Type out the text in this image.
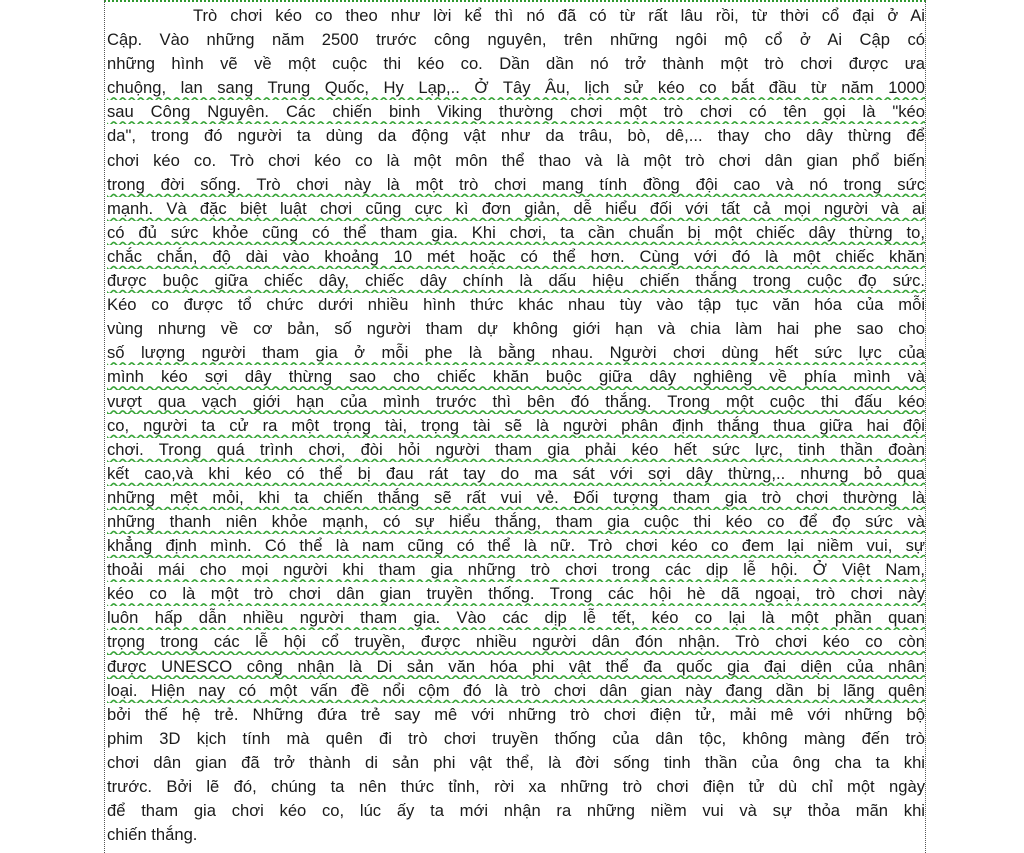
Trò chơi kéo co theo như lời kể thì nó đã có từ rất lâu rồi, từ thời cổ đại ở Ai
Cập. Vào những năm 2500 trước công nguyên, trên những ngôi mộ cổ ở Ai Cập có
những hình vẽ về một cuộc thi kéo co. Dần dần nó trở thành một trò chơi được ưa
chuộng, lan sang Trung Quốc, Hy Lạp,.. Ở Tây Âu, lịch sử kéo co bắt đầu từ năm 1000
sau Công Nguyên. Các chiến binh Viking thường chơi một trò chơi có tên gọi là "kéo
da", trong đó người ta dùng da động vật như da trâu, bò, dê,... thay cho dây thừng để
chơi kéo co. Trò chơi kéo co là một môn thể thao và là một trò chơi dân gian phổ biến
trong đời sống. Trò chơi này là một trò chơi mang tính đồng đội cao và nó trong sức
mạnh. Và đặc biệt luật chơi cũng cực kì đơn giản, dễ hiểu đối với tất cả mọi người và ai
có đủ sức khỏe cũng có thể tham gia. Khi chơi, ta cần chuẩn bị một chiếc dây thừng to,
chắc chắn, độ dài vào khoảng 10 mét hoặc có thể hơn. Cùng với đó là một chiếc khăn
được buộc giữa chiếc dây, chiếc dây chính là dấu hiệu chiến thắng trong cuộc đọ sức.
Kéo co được tổ chức dưới nhiều hình thức khác nhau tùy vào tập tục văn hóa của mỗi
vùng nhưng về cơ bản, số người tham dự không giới hạn và chia làm hai phe sao cho
số lượng người tham gia ở mỗi phe là bằng nhau. Người chơi dùng hết sức lực của
mình kéo sợi dây thừng sao cho chiếc khăn buộc giữa dây nghiêng về phía mình và
vượt qua vạch giới hạn của mình trước thì bên đó thắng. Trong một cuộc thi đấu kéo
co, người ta cử ra một trọng tài, trọng tài sẽ là người phân định thắng thua giữa hai đội
chơi. Trong quá trình chơi, đòi hỏi người tham gia phải kéo hết sức lực, tinh thần đoàn
kết cao,và khi kéo có thể bị đau rát tay do ma sát với sợi dây thừng,.. nhưng bỏ qua
những mệt mỏi, khi ta chiến thắng sẽ rất vui vẻ. Đối tượng tham gia trò chơi thường là
những thanh niên khỏe mạnh, có sự hiểu thắng, tham gia cuộc thi kéo co để đọ sức và
khẳng định mình. Có thể là nam cũng có thể là nữ. Trò chơi kéo co đem lại niềm vui, sự
thoải mái cho mọi người khi tham gia những trò chơi trong các dịp lễ hội. Ở Việt Nam,
kéo co là một trò chơi dân gian truyền thống. Trong các hội hè dã ngoại, trò chơi này
luôn hấp dẫn nhiều người tham gia. Vào các dịp lễ tết, kéo co lại là một phần quan
trọng trong các lễ hội cổ truyền, được nhiều người dân đón nhận. Trò chơi kéo co còn
được UNESCO công nhận là Di sản văn hóa phi vật thể đa quốc gia đại diện của nhân
loại. Hiện nay có một vấn đề nổi cộm đó là trò chơi dân gian này đang dần bị lãng quên
bởi thế hệ trẻ. Những đứa trẻ say mê với những trò chơi điện tử, mải mê với những bộ
phim 3D kịch tính mà quên đi trò chơi truyền thống của dân tộc, không màng đến trò
chơi dân gian đã trở thành di sản phi vật thể, là đời sống tinh thần của ông cha ta khi
trước. Bởi lẽ đó, chúng ta nên thức tỉnh, rời xa những trò chơi điện tử dù chỉ một ngày
để tham gia chơi kéo co, lúc ấy ta mới nhận ra những niềm vui và sự thỏa mãn khi
chiến thắng.
